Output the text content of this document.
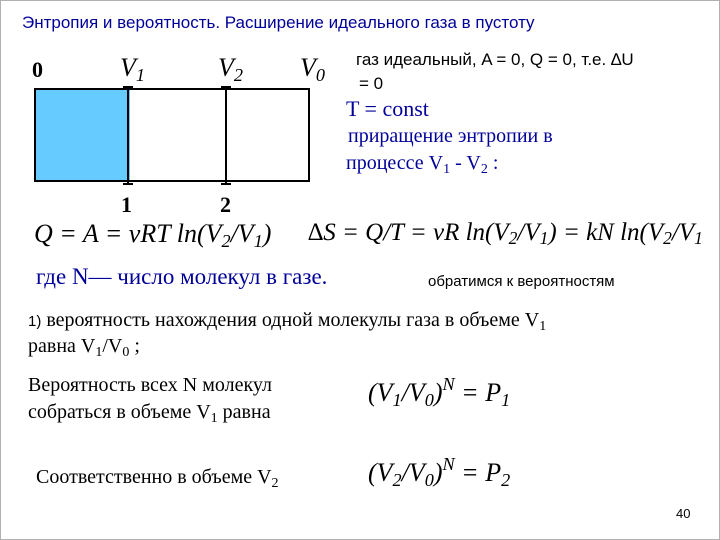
Энтропия и вероятность. Расширение идеального газа в пустоту
0	$V_1$	$V_2$ $V_0$
1	2
газ идеальный, A = 0, Q = 0, т.е. ∆U
= 0
T = const
приращение энтропии в
процессе $V_1 - V_2$ :
Q = A = νRT $\ln(V_2/V_1) \Delta S = Q/T = \nu R$ $\ln(V_2/V_1)$ = kN $\ln(V_2/V_1$
где N— число молекул в газе.	обратимся к вероятностям
1) вероятность нахождения одной молекулы газа в объеме $V_1$
равна $V_1/V_0$ ;
Вероятность всех N молекул
собраться в объеме $V_1$ равна
$(V_1/V_0)^N = P_1$
Соответственно в объеме $V_2$	$(V_2/V_0)^N = P_2$
40
